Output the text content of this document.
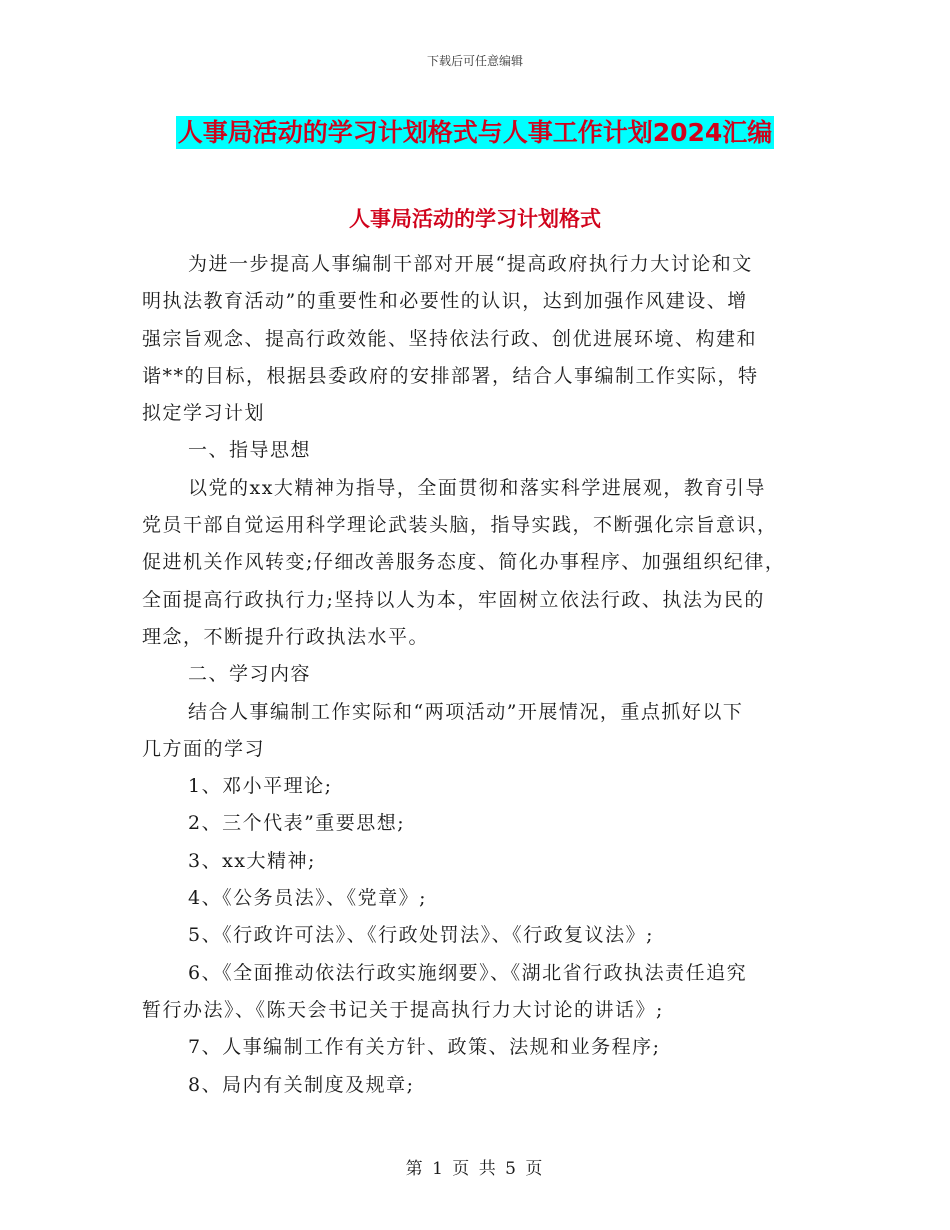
下载后可任意编辑
人事局活动的学习计划格式与人事工作计划2024汇编
人事局活动的学习计划格式

为进一步提高人事编制干部对开展“提高政府执行力大讨论和文

明执法教育活动”的重要性和必要性的认识，达到加强作风建设、增

强宗旨观念、提高行政效能、坚持依法行政、创优进展环境、构建和

谐**的目标，根据县委政府的安排部署，结合人事编制工作实际，特

拟定学习计划

一、指导思想

以党的xx大精神为指导，全面贯彻和落实科学进展观，教育引导

党员干部自觉运用科学理论武装头脑，指导实践，不断强化宗旨意识，

促进机关作风转变;仔细改善服务态度、简化办事程序、加强组织纪律，

全面提高行政执行力;坚持以人为本，牢固树立依法行政、执法为民的

理念，不断提升行政执法水平。

二、学习内容

结合人事编制工作实际和“两项活动”开展情况，重点抓好以下

几方面的学习

1、邓小平理论;

2、三个代表”重要思想;

3、xx大精神;

4、《公务员法》、《党章》;

5、《行政许可法》、《行政处罚法》、《行政复议法》;

6、《全面推动依法行政实施纲要》、《湖北省行政执法责任追究

暂行办法》、《陈天会书记关于提高执行力大讨论的讲话》;

7、人事编制工作有关方针、政策、法规和业务程序;

8、局内有关制度及规章;

第 1 页 共 5 页
